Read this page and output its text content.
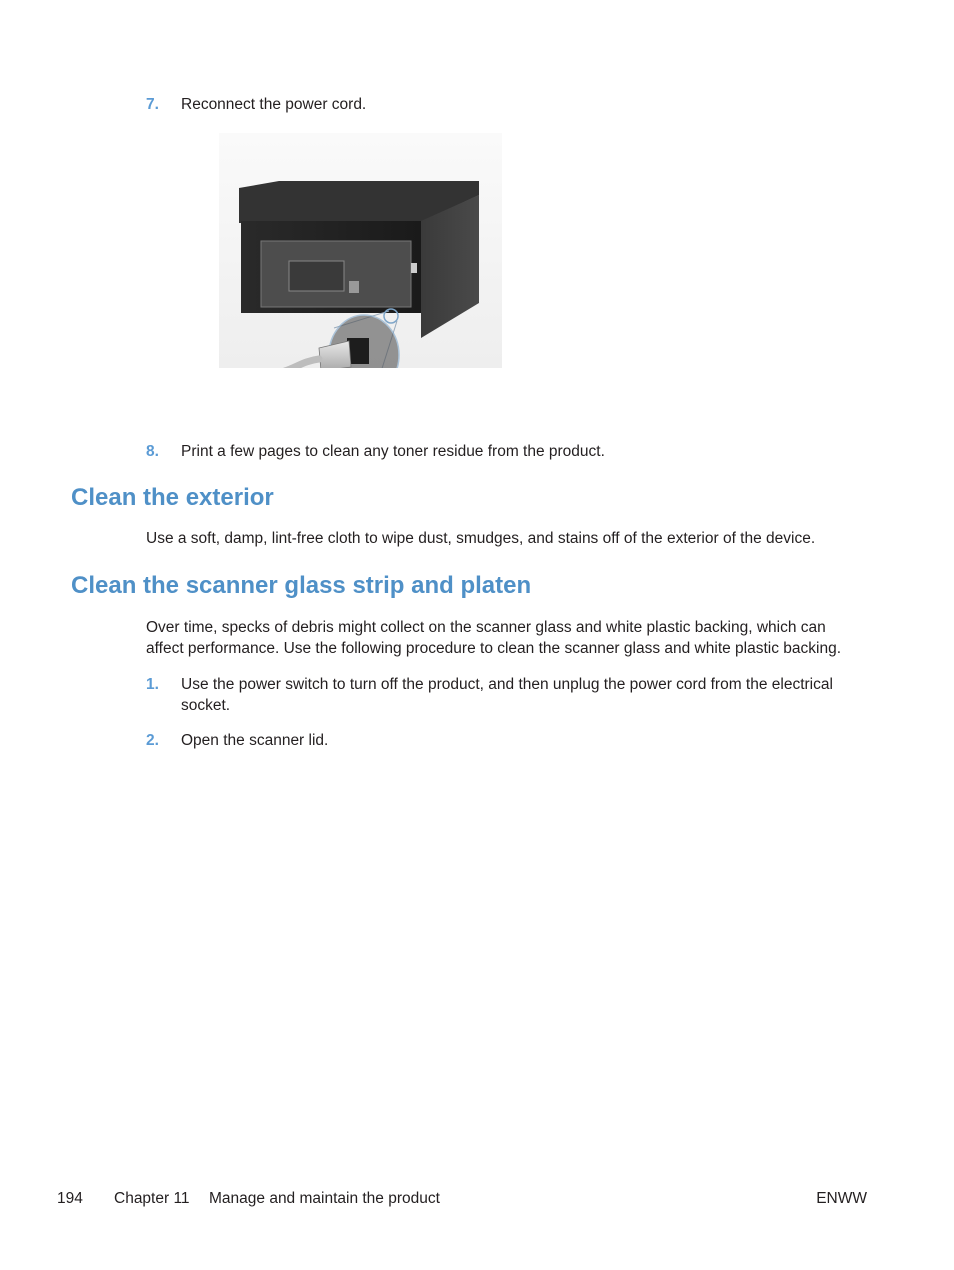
7. Reconnect the power cord.
8. Print a few pages to clean any toner residue from the product.
Clean the exterior
Use a soft, damp, lint-free cloth to wipe dust, smudges, and stains off of the exterior of the device.
Clean the scanner glass strip and platen
Over time, specks of debris might collect on the scanner glass and white plastic backing, which can affect performance. Use the following procedure to clean the scanner glass and white plastic backing.
1. Use the power switch to turn off the product, and then unplug the power cord from the electrical socket.
2. Open the scanner lid.
194 Chapter 11 Manage and maintain the product	ENWW
